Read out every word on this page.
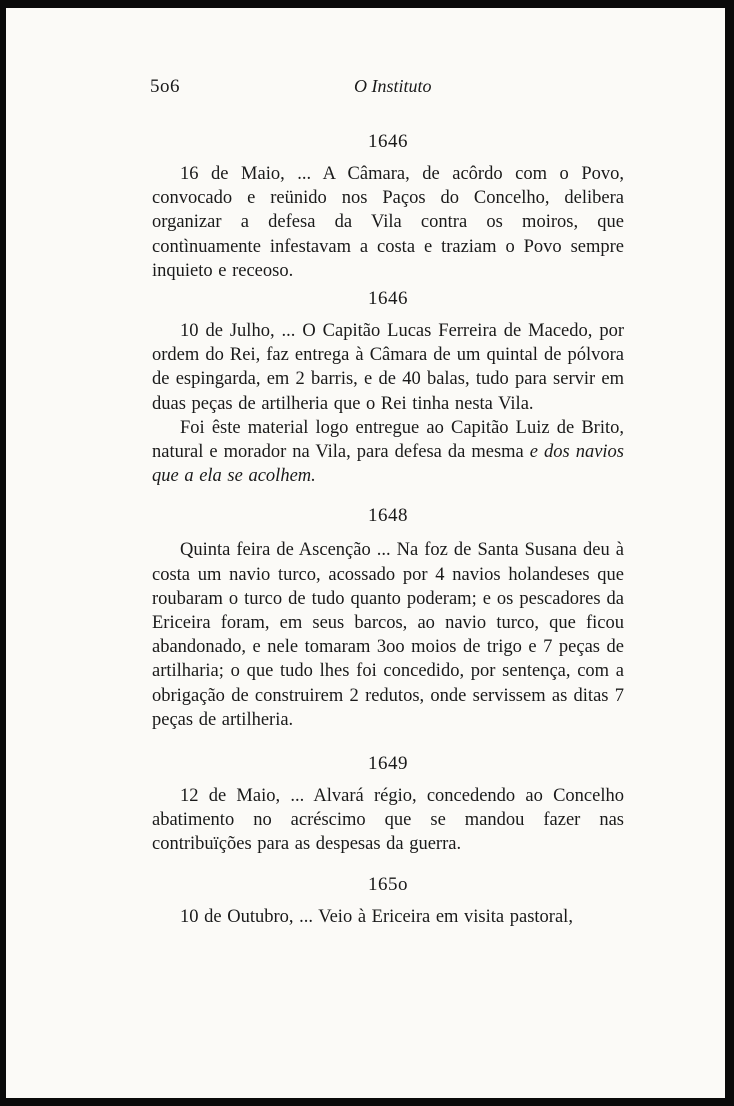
5o6	O Instituto
1646

16 de Maio, ... A Câmara, de acôrdo com o Povo, convocado e reünido nos Paços do Concelho, delibera organizar a defesa da Vila contra os moiros, que contìnuamente infestavam a costa e traziam o Povo sempre inquieto e receoso.

1646

10 de Julho, ... O Capitão Lucas Ferreira de Macedo, por ordem do Rei, faz entrega à Câmara de um quintal de pólvora de espingarda, em 2 barris, e de 40 balas, tudo para servir em duas peças de artilheria que o Rei tinha nesta Vila.

Foi êste material logo entregue ao Capitão Luiz de Brito, natural e morador na Vila, para defesa da mesma e dos navios que a ela se acolhem.

1648

Quinta feira de Ascenção ... Na foz de Santa Susana deu à costa um navio turco, acossado por 4 navios holandeses que roubaram o turco de tudo quanto poderam; e os pescadores da Ericeira foram, em seus barcos, ao navio turco, que ficou abandonado, e nele tomaram 3oo moios de trigo e 7 peças de artilharia; o que tudo lhes foi concedido, por sentença, com a obrigação de construirem 2 redutos, onde servissem as ditas 7 peças de artilheria.

1649

12 de Maio, ... Alvará régio, concedendo ao Concelho abatimento no acréscimo que se mandou fazer nas contribuïções para as despesas da guerra.

165o

10 de Outubro, ... Veio à Ericeira em visita pastoral,
